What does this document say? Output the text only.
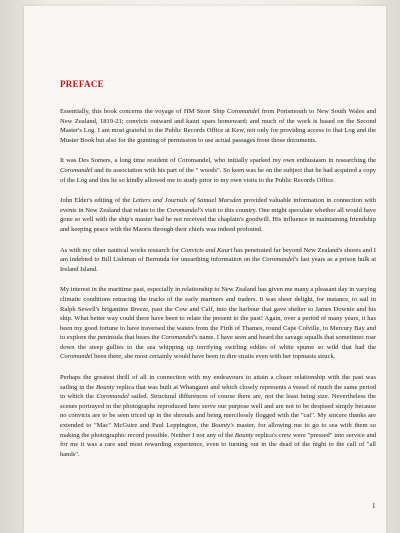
PREFACE

Essentially, this book concerns the voyage of HM Store Ship Coromandel from Portsmouth to New South Wales and New Zealand, 1819-21; convicts outward and kauri spars homeward; and much of the work is based on the Second Master's Log. I am most grateful to the Public Records Office at Kew, not only for providing access to that Log and the Muster Book but also for the granting of permission to use actual passages from those documents.

It was Des Somers, a long time resident of Coromandel, who initially sparked my own enthusiasm in researching the Coromandel and its association with his part of the " woods". So keen was he on the subject that he had acquired a copy of the Log and this he so kindly allowed me to study prior to my own visits to the Public Records Office.

John Elder's editing of the Letters and Journals of Samuel Marsden provided valuable information in connection with events in New Zealand that relate to the Coromandel's visit to this country. One might speculate whether all would have gone so well with the ship's master had he not received the chaplain's goodwill. His influence in maintaining friendship and keeping peace with the Maoris through their chiefs was indeed profound.

As with my other nautical works research for Convicts and Kauri has penetrated far beyond New Zealand's shores and I am indebted to Bill Lishman of Bermuda for unearthing information on the Coromandel's last years as a prison hulk at Ireland Island.

My interest in the maritime past, especially in relationship to New Zealand has given me many a pleasant day in varying climatic conditions retracing the tracks of the early mariners and traders. It was sheer delight, for instance, to sail in Ralph Sewell's brigantine Breeze, past the Cow and Calf, into the harbour that gave shelter to James Downie and his ship. What better way could there have been to relate the present to the past! Again, over a period of many years, it has been my good fortune to have traversed the waters from the Firth of Thames, round Cape Colville, to Mercury Bay and to explore the peninsula that bears the Coromandel's name. I have seen and heard the savage squalls that sometimes roar down the steep gullies to the sea whipping up terrifying swirling eddies of white spume so wild that had the Coromandel been there, she most certainly would have been in dire straits even with her topmasts struck.

Perhaps the greatest thrill of all in connection with my endeavours to attain a closer relationship with the past was sailing in the Bounty replica that was built at Whangarei and which closely represents a vessel of much the same period in which the Coromandel sailed. Structural differences of course there are, not the least being size. Nevertheless the scenes portrayed in the photographs reproduced here serve our purpose well and are not to be despised simply because no convicts are to be seen triced up in the shrouds and being mercilessly flogged with the "cat". My sincere thanks are extended to "Mac" McGuire and Paul Leppington, the Bounty's master, for allowing me to go to sea with them so making the photographic record possible. Neither I nor any of the Bounty replica's crew were "pressed" into service and for me it was a rare and most rewarding experience, even to turning out in the dead of the night to the call of "all hands".

1
